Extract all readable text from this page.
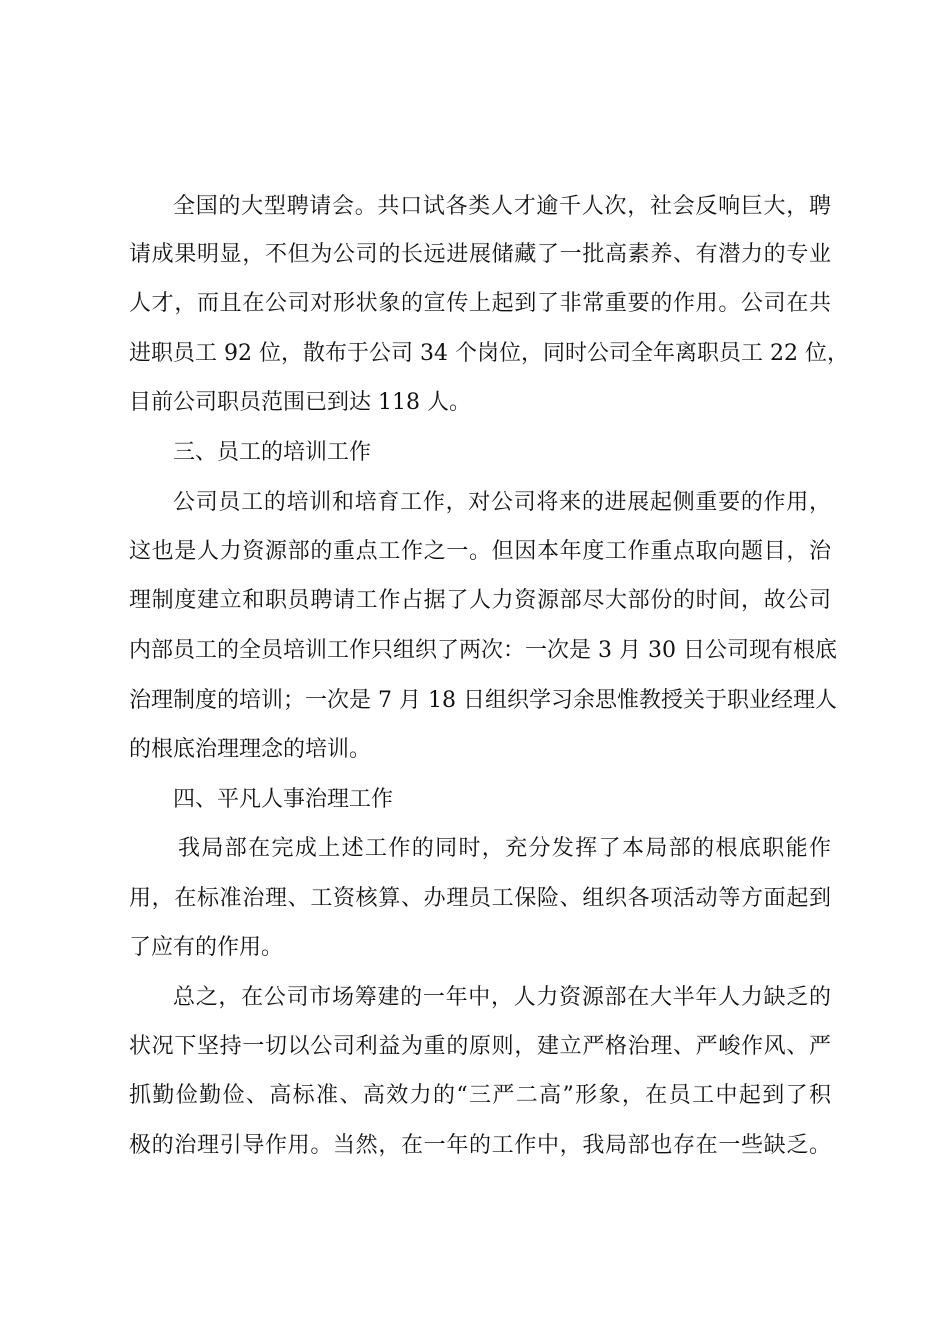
全国的大型聘请会。共口试各类人才逾千人次，社会反响巨大，聘
请成果明显，不但为公司的长远进展储藏了一批高素养、有潜力的专业
人才，而且在公司对形状象的宣传上起到了非常重要的作用。公司在共
进职员工 92 位，散布于公司 34 个岗位，同时公司全年离职员工 22 位，
目前公司职员范围已到达 118 人。
三、员工的培训工作
公司员工的培训和培育工作，对公司将来的进展起侧重要的作用，
这也是人力资源部的重点工作之一。但因本年度工作重点取向题目，治
理制度建立和职员聘请工作占据了人力资源部尽大部份的时间，故公司
内部员工的全员培训工作只组织了两次：一次是 3 月 30 日公司现有根底
治理制度的培训；一次是 7 月 18 日组织学习余思惟教授关于职业经理人
的根底治理理念的培训。
四、平凡人事治理工作
我局部在完成上述工作的同时，充分发挥了本局部的根底职能作
用，在标准治理、工资核算、办理员工保险、组织各项活动等方面起到
了应有的作用。
总之，在公司市场筹建的一年中，人力资源部在大半年人力缺乏的
状况下坚持一切以公司利益为重的原则，建立严格治理、严峻作风、严
抓勤俭勤俭、高标准、高效力的“三严二高”形象，在员工中起到了积
极的治理引导作用。当然，在一年的工作中，我局部也存在一些缺乏。
